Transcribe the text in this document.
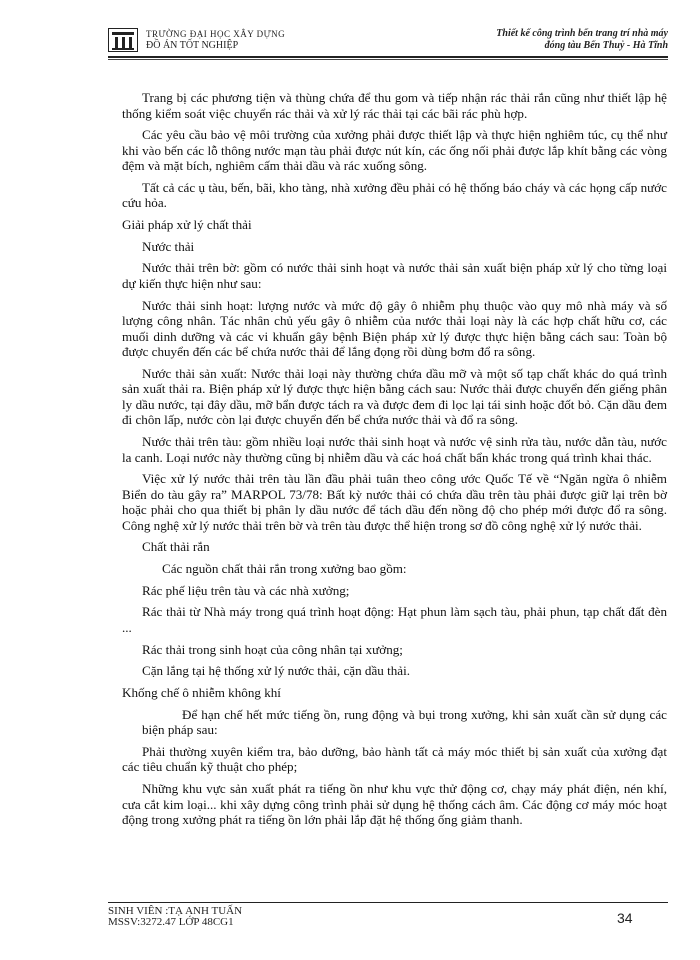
TRƯỜNG ĐẠI HỌC XÂY DỰNG
ĐỒ ÁN TỐT NGHIỆP
Thiết kế công trình bến trang trí nhà máy
đóng tàu Bến Thuỷ - Hà Tĩnh

Trang bị các phương tiện và thùng chứa để thu gom và tiếp nhận rác thải rắn cũng như thiết lập hệ thống kiểm soát việc chuyển rác thải và xử lý rác thải tại các bãi rác phù hợp.

Các yêu cầu bảo vệ môi trường của xưởng phải được thiết lập và thực hiện nghiêm túc, cụ thể như khi vào bến các lỗ thông nước mạn tàu phải được nút kín, các ống nối phải được lắp khít bằng các vòng đệm và mặt bích, nghiêm cấm thải dầu và rác xuống sông.

Tất cả các ụ tàu, bến, bãi, kho tàng, nhà xưởng đều phải có hệ thống báo cháy và các họng cấp nước cứu hỏa.

Giải pháp xử lý chất thải

Nước thải

Nước thải trên bờ: gồm có nước thải sinh hoạt và nước thải sản xuất biện pháp xử lý cho từng loại dự kiến thực hiện như sau:

Nước thải sinh hoạt: lượng nước và mức độ gây ô nhiễm phụ thuộc vào quy mô nhà máy và số lượng công nhân. Tác nhân chủ yếu gây ô nhiễm của nước thải loại này là các hợp chất hữu cơ, các muối dinh dưỡng và các vi khuẩn gây bệnh Biện pháp xử lý được thực hiện bằng cách sau: Toàn bộ được chuyển đến các bể chứa nước thải để lắng đọng rồi dùng bơm đổ ra sông.

Nước thải sản xuất: Nước thải loại này thường chứa dầu mỡ và một số tạp chất khác do quá trình sản xuất thải ra. Biện pháp xử lý được thực hiện bằng cách sau: Nước thải được chuyển đến giếng phân ly dầu nước, tại đây dầu, mỡ bẩn được tách ra và được đem đi lọc lại tái sinh hoặc đốt bỏ. Cặn dầu đem đi chôn lấp, nước còn lại được chuyển đến bể chứa nước thải và đổ ra sông.

Nước thải trên tàu: gồm nhiều loại nước thải sinh hoạt và nước vệ sinh rửa tàu, nước dằn tàu, nước la canh. Loại nước này thường cũng bị nhiễm dầu và các hoá chất bẩn khác trong quá trình khai thác.

Việc xử lý nước thải trên tàu lần đầu phải tuân theo công ước Quốc Tế về “Ngăn ngừa ô nhiễm Biển do tàu gây ra” MARPOL 73/78: Bất kỳ nước thải có chứa dầu trên tàu phải được giữ lại trên bờ hoặc phải cho qua thiết bị phân ly dầu nước để tách dầu đến nồng độ cho phép mới được đổ ra sông. Công nghệ xử lý nước thải trên bờ và trên tàu được thể hiện trong sơ đồ công nghệ xử lý nước thải.

Chất thải rắn

Các nguồn chất thải rắn trong xưởng bao gồm:

Rác phế liệu trên tàu và các nhà xưởng;

Rác thải từ Nhà máy trong quá trình hoạt động: Hạt phun làm sạch tàu, phải phun, tạp chất đất đèn ...

Rác thải trong sinh hoạt của công nhân tại xưởng;

Cặn lắng tại hệ thống xử lý nước thải, cặn dầu thải.

Khống chế ô nhiễm không khí

Để hạn chế hết mức tiếng ồn, rung động và bụi trong xưởng, khi sản xuất cần sử dụng các biện pháp sau:

Phải thường xuyên kiểm tra, bảo dưỡng, bảo hành tất cả máy móc thiết bị sản xuất của xưởng đạt các tiêu chuẩn kỹ thuật cho phép;

Những khu vực sản xuất phát ra tiếng ồn như khu vực thử động cơ, chạy máy phát điện, nén khí, cưa cắt kim loại... khi xây dựng công trình phải sử dụng hệ thống cách âm. Các động cơ máy móc hoạt động trong xưởng phát ra tiếng ồn lớn phải lắp đặt hệ thống ống giảm thanh.

SINH VIÊN :TẠ ANH TUẤN
MSSV:3272.47 LỚP 48CG1	34
